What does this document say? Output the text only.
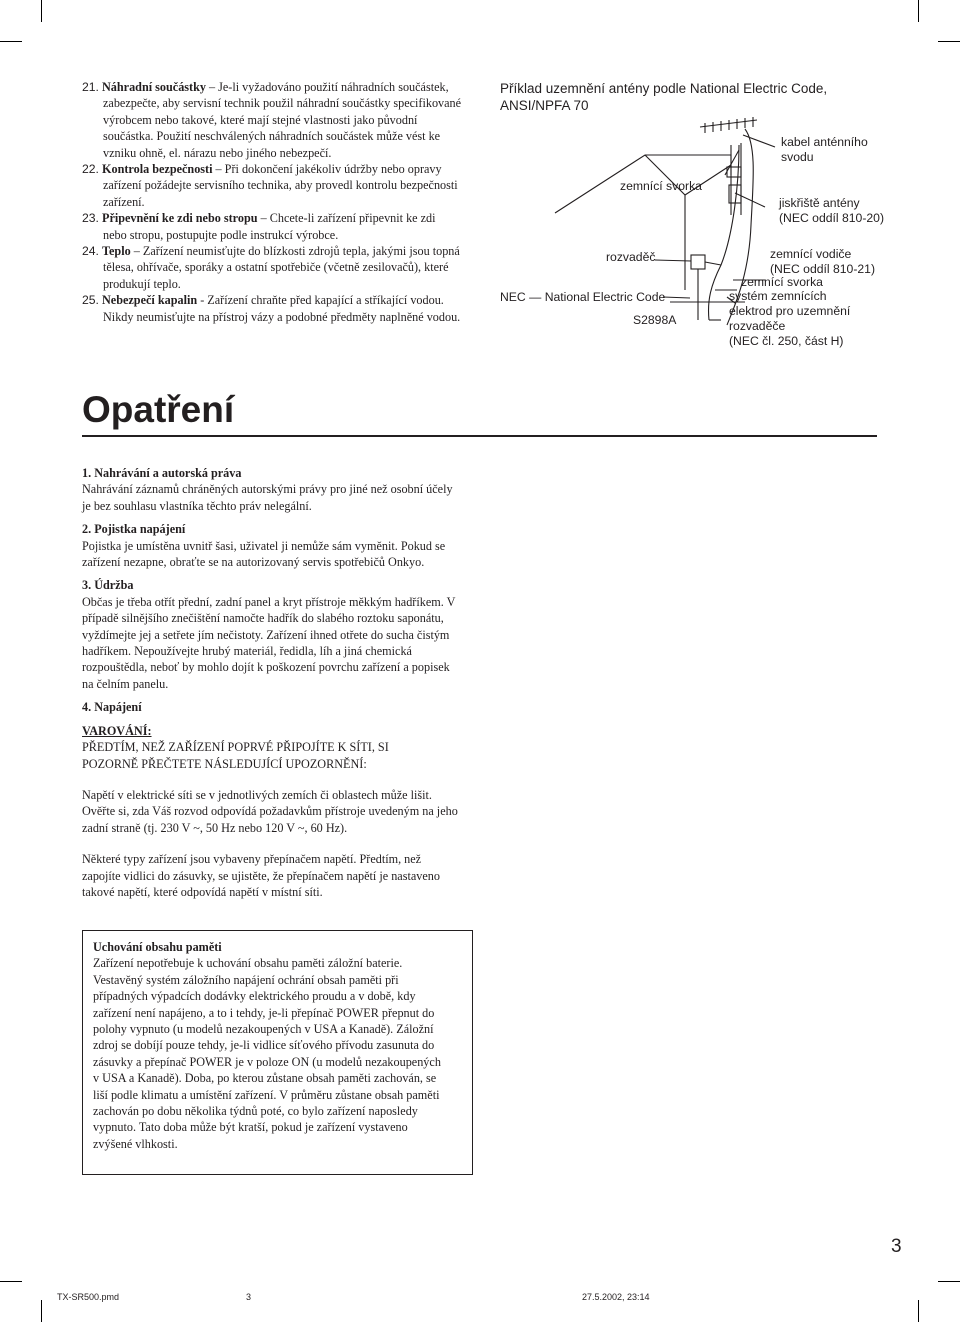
21. Náhradní součástky – Je-li vyžadováno použití náhradních součástek, zabezpečte, aby servisní technik použil náhradní součástky specifikované výrobcem nebo takové, které mají stejné vlastnosti jako původní součástka. Použití neschválených náhradních součástek může vést ke vzniku ohně, el. nárazu nebo jiného nebezpečí.
22. Kontrola bezpečnosti – Při dokončení jakékoliv údržby nebo opravy zařízení požádejte servisního technika, aby provedl kontrolu bezpečnosti zařízení.
23. Připevnění ke zdi nebo stropu – Chcete-li zařízení připevnit ke zdi nebo stropu, postupujte podle instrukcí výrobce.
24. Teplo – Zařízení neumisťujte do blízkosti zdrojů tepla, jakými jsou topná tělesa, ohřívače, sporáky a ostatní spotřebiče (včetně zesilovačů), které produkují teplo.
25. Nebezpečí kapalin - Zařízení chraňte před kapající a stříkající vodou. Nikdy neumisťujte na přístroj vázy a podobné předměty naplněné vodou.
Příklad uzemnění antény podle National Electric Code,
ANSI/NPFA 70
kabel anténního
svodu
zemnící svorka
jiskřiště antény
(NEC oddíl 810-20)
rozvaděč	zemnící vodiče
(NEC oddíl 810-21)
zemnící svorka
systém zemnících
elektrod pro uzemnění
rozvaděče
(NEC čl. 250, část H)
NEC — National Electric Code
S2898A
Opatření

1. Nahrávání a autorská práva

Nahrávání záznamů chráněných autorskými právy pro jiné než osobní účely je bez souhlasu vlastníka těchto práv nelegální.

2. Pojistka napájení

Pojistka je umístěna uvnitř šasi, uživatel ji nemůže sám vyměnit. Pokud se zařízení nezapne, obraťte se na autorizovaný servis spotřebičů Onkyo.

3. Údržba

Občas je třeba otřít přední, zadní panel a kryt přístroje měkkým hadříkem. V případě silnějšího znečištění namočte hadřík do slabého roztoku saponátu, vyždímejte jej a setřete jím nečistoty. Zařízení ihned otřete do sucha čistým hadříkem. Nepoužívejte hrubý materiál, ředidla, líh a jiná chemická rozpouštědla, neboť by mohlo dojít k poškození povrchu zařízení a popisek na čelním panelu.

4. Napájení

VAROVÁNÍ:

PŘEDTÍM, NEŽ ZAŘÍZENÍ POPRVÉ PŘIPOJÍTE K SÍTI, SI

POZORNĚ PŘEČTETE NÁSLEDUJÍCÍ UPOZORNĚNÍ:

Napětí v elektrické síti se v jednotlivých zemích či oblastech může lišit. Ověřte si, zda Váš rozvod odpovídá požadavkům přístroje uvedeným na jeho zadní straně (tj. 230 V ~, 50 Hz nebo 120 V ~, 60 Hz).

Některé typy zařízení jsou vybaveny přepínačem napětí. Předtím, než zapojíte vidlici do zásuvky, se ujistěte, že přepínačem napětí je nastaveno takové napětí, které odpovídá napětí v místní síti.

Uchování obsahu paměti

Zařízení nepotřebuje k uchování obsahu paměti záložní baterie. Vestavěný systém záložního napájení ochrání obsah paměti při případných výpadcích dodávky elektrického proudu a v době, kdy zařízení není napájeno, a to i tehdy, je-li přepínač POWER přepnut do polohy vypnuto (u modelů nezakoupených v USA a Kanadě). Záložní zdroj se dobíjí pouze tehdy, je-li vidlice síťového přívodu zasunuta do zásuvky a přepínač POWER je v poloze ON (u modelů nezakoupených v USA a Kanadě). Doba, po kterou zůstane obsah paměti zachován, se liší podle klimatu a umístění zařízení. V průměru zůstane obsah paměti zachován po dobu několika týdnů poté, co bylo zařízení naposledy vypnuto. Tato doba může být kratší, pokud je zařízení vystaveno zvýšené vlhkosti.

3
TX-SR500.pmd	3	27.5.2002, 23:14
